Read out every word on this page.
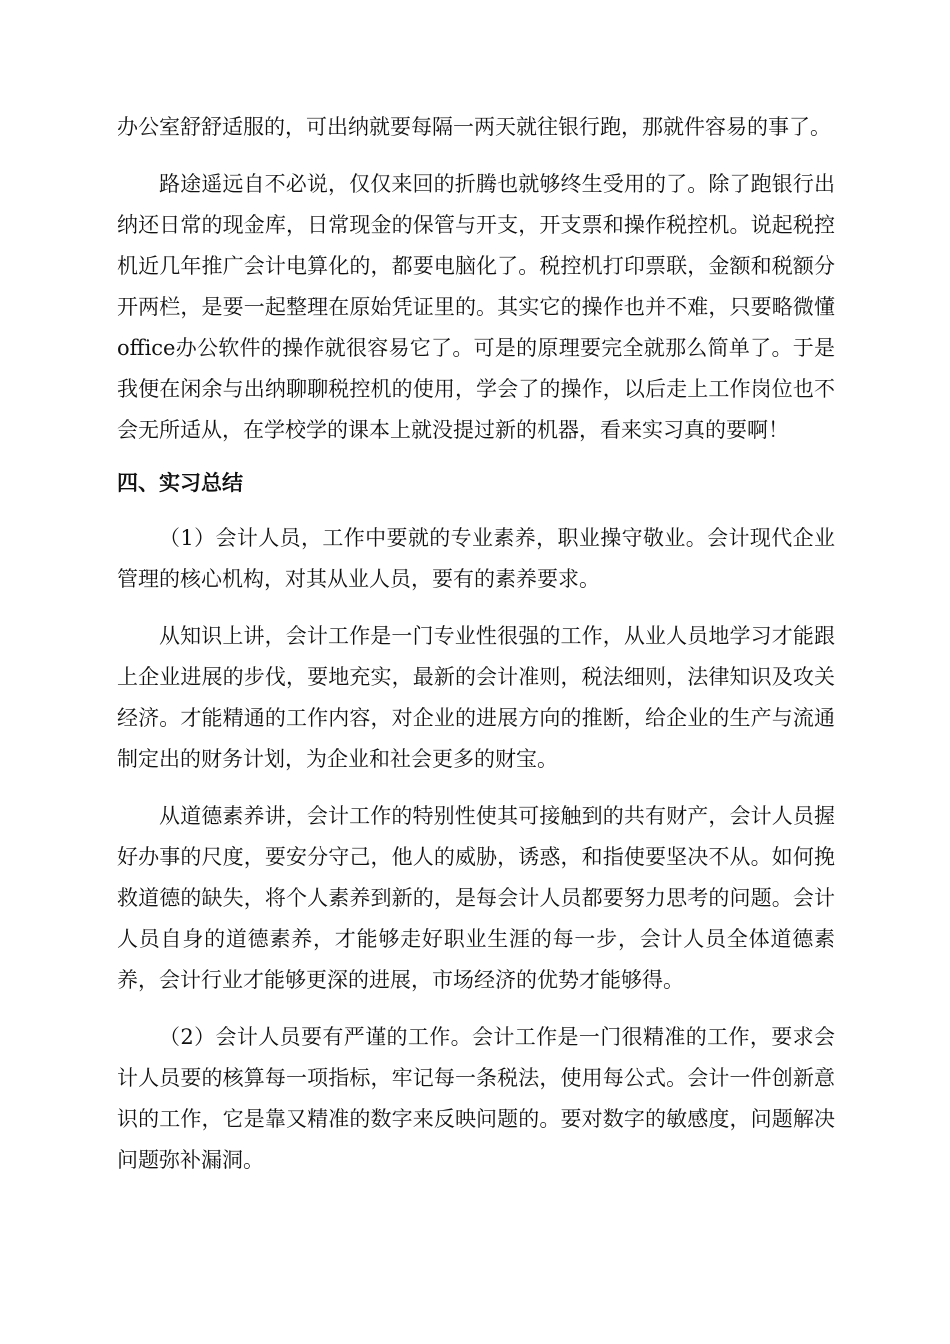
办公室舒舒适服的，可出纳就要每隔一两天就往银行跑，那就件容易的事了。

路途遥远自不必说，仅仅来回的折腾也就够终生受用的了。除了跑银行出纳还日常的现金库，日常现金的保管与开支，开支票和操作税控机。说起税控机近几年推广会计电算化的，都要电脑化了。税控机打印票联，金额和税额分开两栏，是要一起整理在原始凭证里的。其实它的操作也并不难，只要略微懂office办公软件的操作就很容易它了。可是的原理要完全就那么简单了。于是我便在闲余与出纳聊聊税控机的使用，学会了的操作，以后走上工作岗位也不会无所适从，在学校学的课本上就没提过新的机器，看来实习真的要啊！

四、实习总结

（1）会计人员，工作中要就的专业素养，职业操守敬业。会计现代企业管理的核心机构，对其从业人员，要有的素养要求。

从知识上讲，会计工作是一门专业性很强的工作，从业人员地学习才能跟上企业进展的步伐，要地充实，最新的会计准则，税法细则，法律知识及攻关经济。才能精通的工作内容，对企业的进展方向的推断，给企业的生产与流通制定出的财务计划，为企业和社会更多的财宝。

从道德素养讲，会计工作的特别性使其可接触到的共有财产，会计人员握好办事的尺度，要安分守己，他人的威胁，诱惑，和指使要坚决不从。如何挽救道德的缺失，将个人素养到新的，是每会计人员都要努力思考的问题。会计人员自身的道德素养，才能够走好职业生涯的每一步，会计人员全体道德素养，会计行业才能够更深的进展，市场经济的优势才能够得。

（2）会计人员要有严谨的工作。会计工作是一门很精准的工作，要求会计人员要的核算每一项指标，牢记每一条税法，使用每公式。会计一件创新意识的工作，它是靠又精准的数字来反映问题的。要对数字的敏感度，问题解决问题弥补漏洞。
